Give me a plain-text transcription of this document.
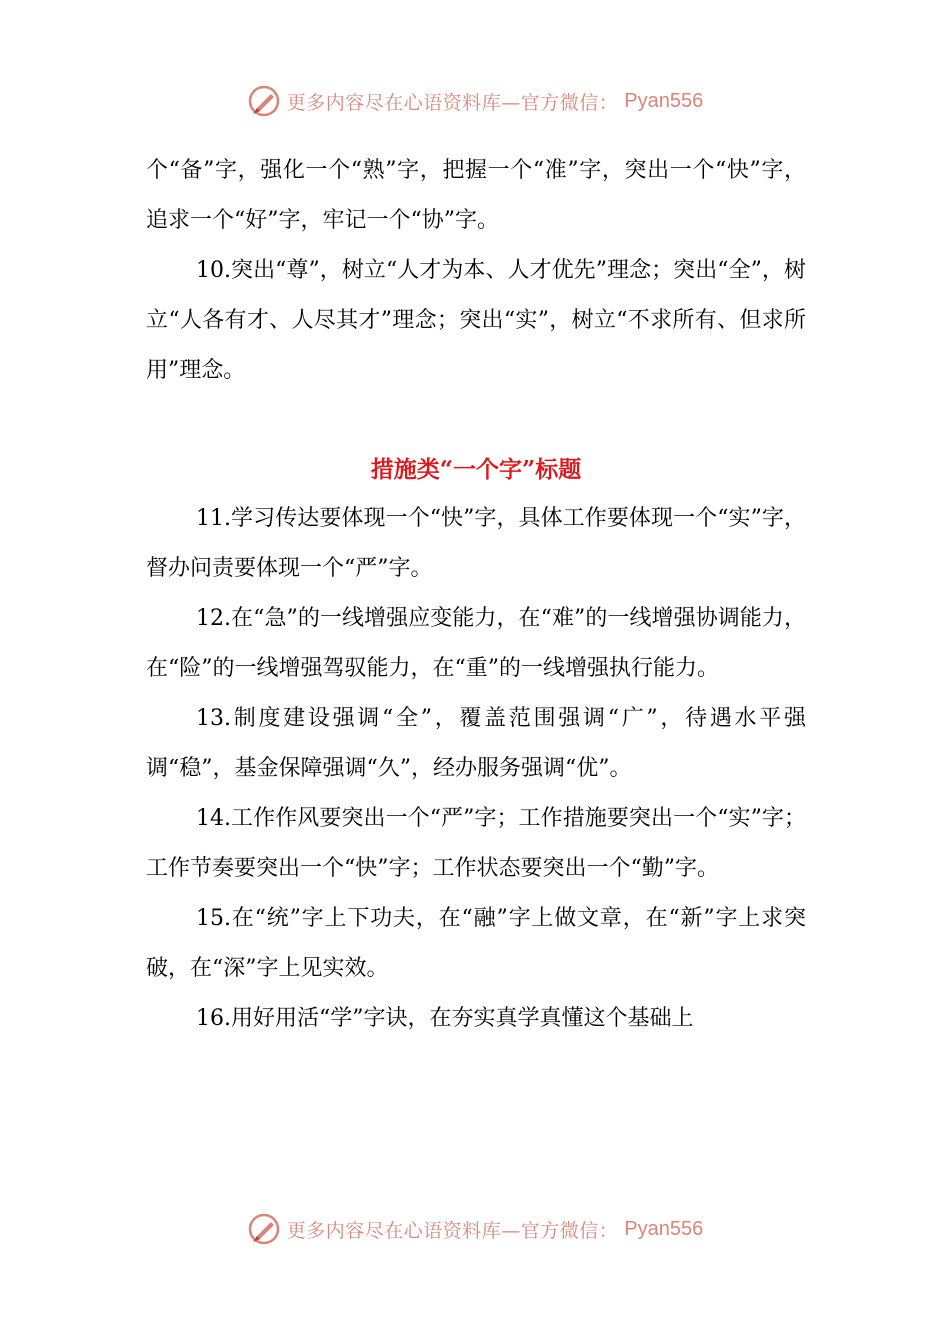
更多内容尽在心语资料库—官方微信： Pyan556

个“备”字，强化一个“熟”字，把握一个“准”字，突出一个“快”字，追求一个“好”字，牢记一个“协”字。

10.突出“尊”，树立“人才为本、人才优先”理念；突出“全”，树立“人各有才、人尽其才”理念；突出“实”，树立“不求所有、但求所用”理念。

措施类“一个字”标题

11.学习传达要体现一个“快”字，具体工作要体现一个“实”字，督办问责要体现一个“严”字。

12.在“急”的一线增强应变能力，在“难”的一线增强协调能力，在“险”的一线增强驾驭能力，在“重”的一线增强执行能力。

13.制度建设强调“全”，覆盖范围强调“广”，待遇水平强调“稳”，基金保障强调“久”，经办服务强调“优”。

14.工作作风要突出一个“严”字；工作措施要突出一个“实”字；工作节奏要突出一个“快”字；工作状态要突出一个“勤”字。

15.在“统”字上下功夫，在“融”字上做文章，在“新”字上求突破，在“深”字上见实效。

16.用好用活“学”字诀，在夯实真学真懂这个基础上

更多内容尽在心语资料库—官方微信： Pyan556
